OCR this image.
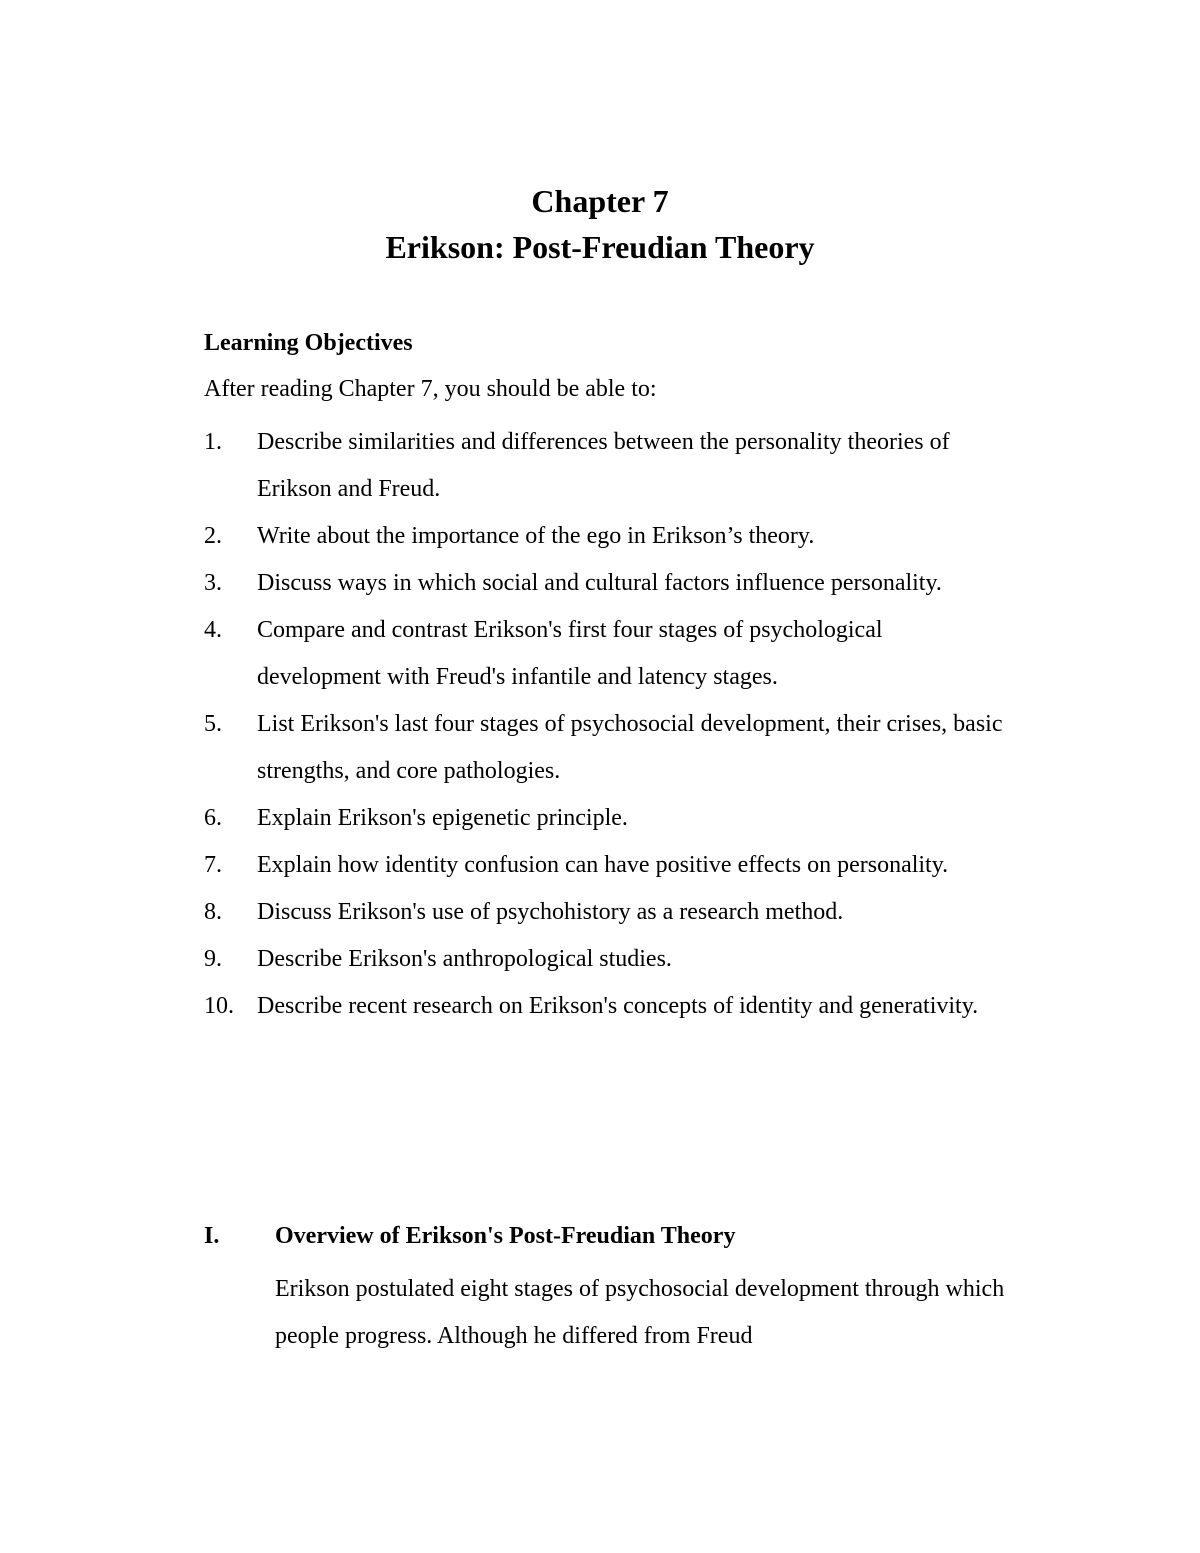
Chapter 7
Erikson: Post-Freudian Theory
Learning Objectives
After reading Chapter 7, you should be able to:
1.	Describe similarities and differences between the personality theories of Erikson and Freud.
2.	Write about the importance of the ego in Erikson’s theory.
3.	Discuss ways in which social and cultural factors influence personality.
4.	Compare and contrast Erikson's first four stages of psychological development with Freud's infantile and latency stages.
5.	List Erikson's last four stages of psychosocial development, their crises, basic strengths, and core pathologies.
6.	Explain Erikson's epigenetic principle.
7.	Explain how identity confusion can have positive effects on personality.
8.	Discuss Erikson's use of psychohistory as a research method.
9.	Describe Erikson's anthropological studies.
10. Describe recent research on Erikson's concepts of identity and generativity.
I.	Overview of Erikson's Post-Freudian Theory
Erikson postulated eight stages of psychosocial development through which people progress. Although he differed from Freud
